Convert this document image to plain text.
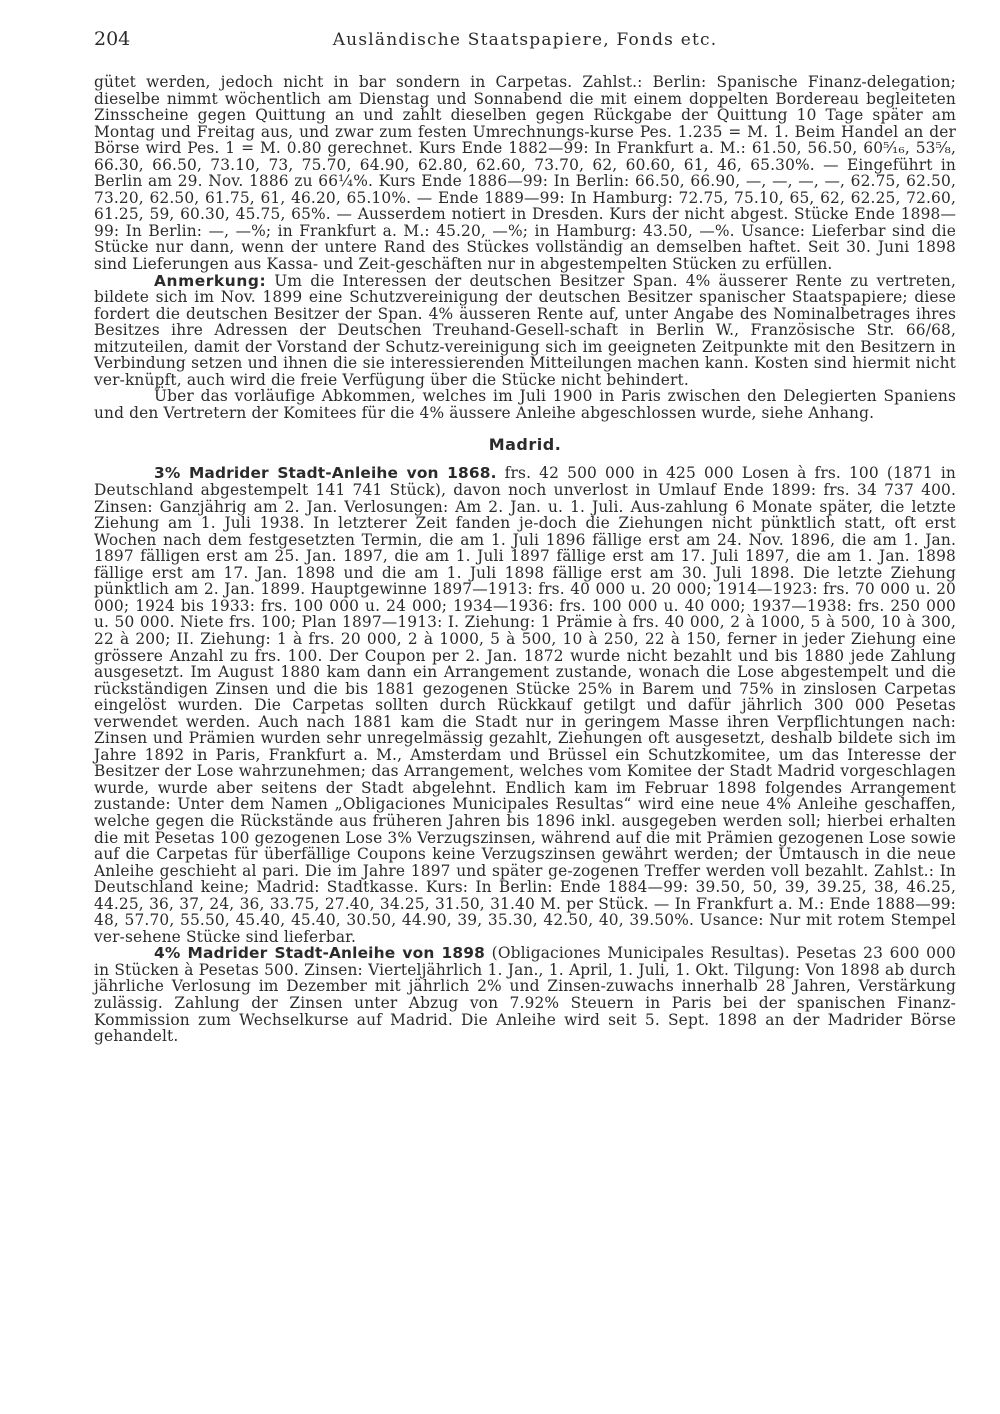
204	Ausländische Staatspapiere, Fonds etc.

gütet werden, jedoch nicht in bar sondern in Carpetas. Zahlst.: Berlin: Spanische Finanz-delegation; dieselbe nimmt wöchentlich am Dienstag und Sonnabend die mit einem doppelten Bordereau begleiteten Zinsscheine gegen Quittung an und zahlt dieselben gegen Rückgabe der Quittung 10 Tage später am Montag und Freitag aus, und zwar zum festen Umrechnungs-kurse Pes. 1.235 = M. 1. Beim Handel an der Börse wird Pes. 1 = M. 0.80 gerechnet. Kurs Ende 1882—99: In Frankfurt a. M.: 61.50, 56.50, 60⁵⁄₁₆, 53⁵⁄₈, 66.30, 66.50, 73.10, 73, 75.70, 64.90, 62.80, 62.60, 73.70, 62, 60.60, 61, 46, 65.30%. — Eingeführt in Berlin am 29. Nov. 1886 zu 66¼%. Kurs Ende 1886—99: In Berlin: 66.50, 66.90, —, —, —, —, 62.75, 62.50, 73.20, 62.50, 61.75, 61, 46.20, 65.10%. — Ende 1889—99: In Hamburg: 72.75, 75.10, 65, 62, 62.25, 72.60, 61.25, 59, 60.30, 45.75, 65%. — Ausserdem notiert in Dresden. Kurs der nicht abgest. Stücke Ende 1898—99: In Berlin: —, —%; in Frankfurt a. M.: 45.20, —%; in Hamburg: 43.50, —%. Usance: Lieferbar sind die Stücke nur dann, wenn der untere Rand des Stückes vollständig an demselben haftet. Seit 30. Juni 1898 sind Lieferungen aus Kassa- und Zeit-geschäften nur in abgestempelten Stücken zu erfüllen.

Anmerkung: Um die Interessen der deutschen Besitzer Span. 4% äusserer Rente zu vertreten, bildete sich im Nov. 1899 eine Schutzvereinigung der deutschen Besitzer spanischer Staatspapiere; diese fordert die deutschen Besitzer der Span. 4% äusseren Rente auf, unter Angabe des Nominalbetrages ihres Besitzes ihre Adressen der Deutschen Treuhand-Gesell-schaft in Berlin W., Französische Str. 66/68, mitzuteilen, damit der Vorstand der Schutz-vereinigung sich im geeigneten Zeitpunkte mit den Besitzern in Verbindung setzen und ihnen die sie interessierenden Mitteilungen machen kann. Kosten sind hiermit nicht ver-knüpft, auch wird die freie Verfügung über die Stücke nicht behindert.

Über das vorläufige Abkommen, welches im Juli 1900 in Paris zwischen den Delegierten Spaniens und den Vertretern der Komitees für die 4% äussere Anleihe abgeschlossen wurde, siehe Anhang.

Madrid.

3% Madrider Stadt-Anleihe von 1868. frs. 42 500 000 in 425 000 Losen à frs. 100 (1871 in Deutschland abgestempelt 141 741 Stück), davon noch unverlost in Umlauf Ende 1899: frs. 34 737 400. Zinsen: Ganzjährig am 2. Jan. Verlosungen: Am 2. Jan. u. 1. Juli. Aus-zahlung 6 Monate später, die letzte Ziehung am 1. Juli 1938. In letzterer Zeit fanden je-doch die Ziehungen nicht pünktlich statt, oft erst Wochen nach dem festgesetzten Termin, die am 1. Juli 1896 fällige erst am 24. Nov. 1896, die am 1. Jan. 1897 fälligen erst am 25. Jan. 1897, die am 1. Juli 1897 fällige erst am 17. Juli 1897, die am 1. Jan. 1898 fällige erst am 17. Jan. 1898 und die am 1. Juli 1898 fällige erst am 30. Juli 1898. Die letzte Ziehung pünktlich am 2. Jan. 1899. Hauptgewinne 1897—1913: frs. 40 000 u. 20 000; 1914—1923: frs. 70 000 u. 20 000; 1924 bis 1933: frs. 100 000 u. 24 000; 1934—1936: frs. 100 000 u. 40 000; 1937—1938: frs. 250 000 u. 50 000. Niete frs. 100; Plan 1897—1913: I. Ziehung: 1 Prämie à frs. 40 000, 2 à 1000, 5 à 500, 10 à 300, 22 à 200; II. Ziehung: 1 à frs. 20 000, 2 à 1000, 5 à 500, 10 à 250, 22 à 150, ferner in jeder Ziehung eine grössere Anzahl zu frs. 100. Der Coupon per 2. Jan. 1872 wurde nicht bezahlt und bis 1880 jede Zahlung ausgesetzt. Im August 1880 kam dann ein Arrangement zustande, wonach die Lose abgestempelt und die rückständigen Zinsen und die bis 1881 gezogenen Stücke 25% in Barem und 75% in zinslosen Carpetas eingelöst wurden. Die Carpetas sollten durch Rückkauf getilgt und dafür jährlich 300 000 Pesetas verwendet werden. Auch nach 1881 kam die Stadt nur in geringem Masse ihren Verpflichtungen nach: Zinsen und Prämien wurden sehr unregelmässig gezahlt, Ziehungen oft ausgesetzt, deshalb bildete sich im Jahre 1892 in Paris, Frankfurt a. M., Amsterdam und Brüssel ein Schutzkomitee, um das Interesse der Besitzer der Lose wahrzunehmen; das Arrangement, welches vom Komitee der Stadt Madrid vorgeschlagen wurde, wurde aber seitens der Stadt abgelehnt. Endlich kam im Februar 1898 folgendes Arrangement zustande: Unter dem Namen „Obligaciones Municipales Resultas“ wird eine neue 4% Anleihe geschaffen, welche gegen die Rückstände aus früheren Jahren bis 1896 inkl. ausgegeben werden soll; hierbei erhalten die mit Pesetas 100 gezogenen Lose 3% Verzugszinsen, während auf die mit Prämien gezogenen Lose sowie auf die Carpetas für überfällige Coupons keine Verzugszinsen gewährt werden; der Umtausch in die neue Anleihe geschieht al pari. Die im Jahre 1897 und später ge-zogenen Treffer werden voll bezahlt. Zahlst.: In Deutschland keine; Madrid: Stadtkasse. Kurs: In Berlin: Ende 1884—99: 39.50, 50, 39, 39.25, 38, 46.25, 44.25, 36, 37, 24, 36, 33.75, 27.40, 34.25, 31.50, 31.40 M. per Stück. — In Frankfurt a. M.: Ende 1888—99: 48, 57.70, 55.50, 45.40, 45.40, 30.50, 44.90, 39, 35.30, 42.50, 40, 39.50%. Usance: Nur mit rotem Stempel ver-sehene Stücke sind lieferbar.

4% Madrider Stadt-Anleihe von 1898 (Obligaciones Municipales Resultas). Pesetas 23 600 000 in Stücken à Pesetas 500. Zinsen: Vierteljährlich 1. Jan., 1. April, 1. Juli, 1. Okt. Tilgung: Von 1898 ab durch jährliche Verlosung im Dezember mit jährlich 2% und Zinsen-zuwachs innerhalb 28 Jahren, Verstärkung zulässig. Zahlung der Zinsen unter Abzug von 7.92% Steuern in Paris bei der spanischen Finanz-Kommission zum Wechselkurse auf Madrid. Die Anleihe wird seit 5. Sept. 1898 an der Madrider Börse gehandelt.
